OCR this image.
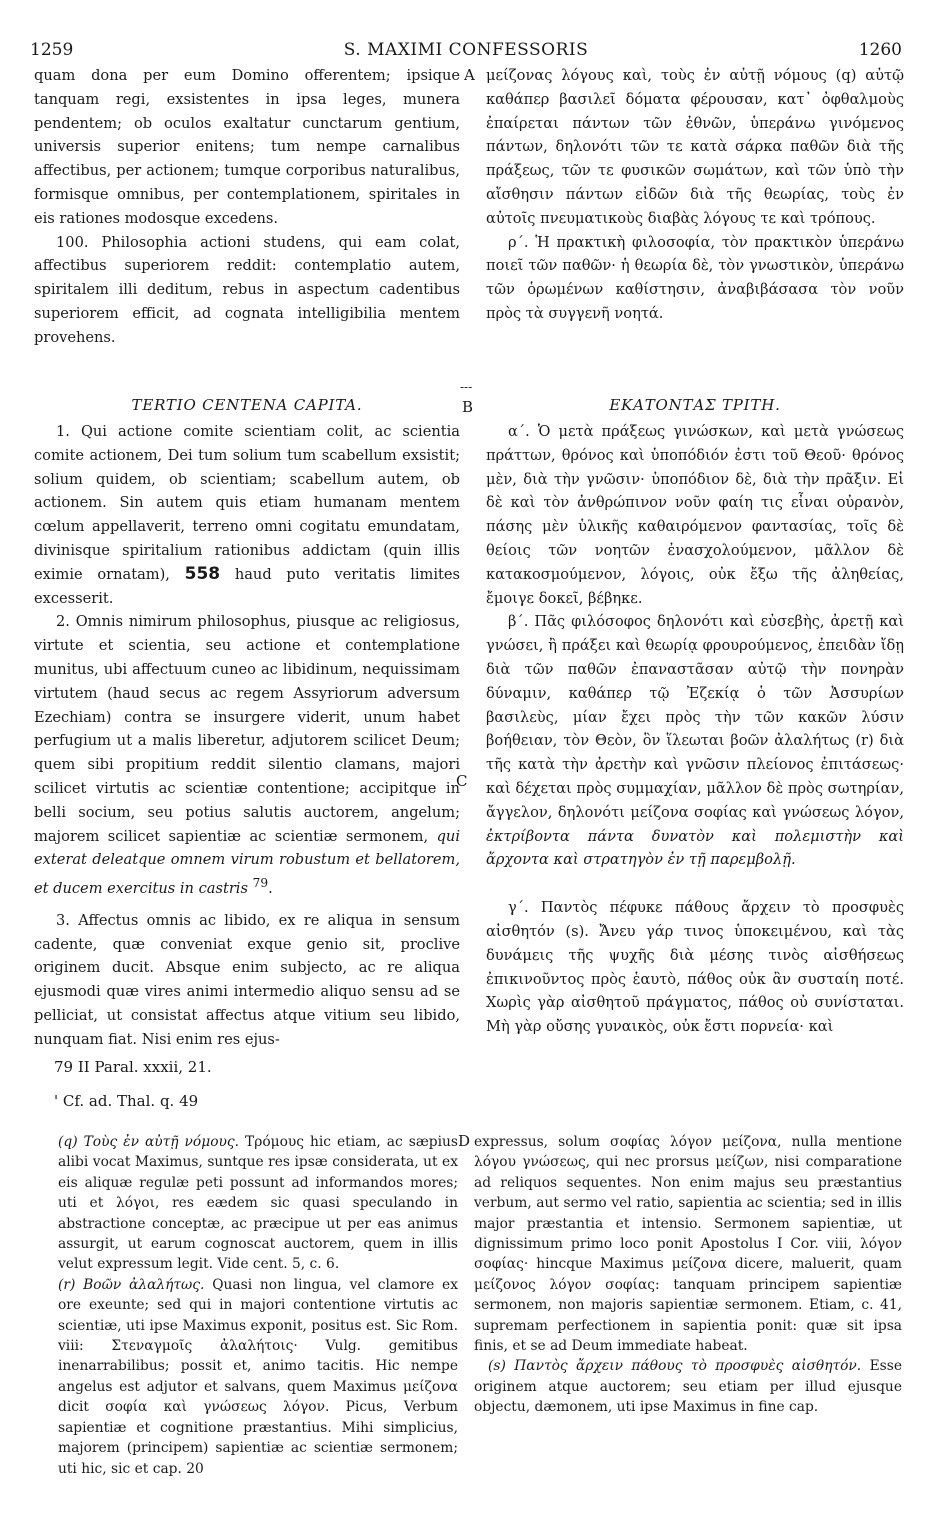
1259	S. MAXIMI CONFESSORIS	1260

quam dona per eum Domino offerentem; ipsique tanquam regi, exsistentes in ipsa leges, munera pendentem; ob oculos exaltatur cunctarum gentium, universis superior enitens; tum nempe carnalibus affectibus, per actionem; tumque corporibus naturalibus, formisque omnibus, per contemplationem, spiritales in eis rationes modosque excedens.

100. Philosophia actioni studens, qui eam colat, affectibus superiorem reddit: contemplatio autem, spiritalem illi deditum, rebus in aspectum cadentibus superiorem efficit, ad cognata intelligibilia mentem provehens.

A μείζονας λόγους καὶ, τοὺς ἐν αὐτῇ νόμους (q) αὐτῷ καθάπερ βασιλεῖ δόματα φέρουσαν, κατ᾽ ὀφθαλμοὺς ἐπαίρεται πάντων τῶν ἐθνῶν, ὑπεράνω γινόμενος πάντων, δηλονότι τῶν τε κατὰ σάρκα παθῶν διὰ τῆς πράξεως, τῶν τε φυσικῶν σωμάτων, καὶ τῶν ὑπὸ τὴν αἴσθησιν πάντων εἰδῶν διὰ τῆς θεωρίας, τοὺς ἐν αὐτοῖς πνευματικοὺς διαβὰς λόγους τε καὶ τρόπους.

ρ΄. Ἡ πρακτικὴ φιλοσοφία, τὸν πρακτικὸν ὑπεράνω ποιεῖ τῶν παθῶν· ἡ θεωρία δὲ, τὸν γνωστικὸν, ὑπεράνω τῶν ὁρωμένων καθίστησιν, ἀναβιβάσασα τὸν νοῦν πρὸς τὰ συγγενῆ νοητά.

---
TERTIO CENTENA CAPITA.	B	ΕΚΑΤΟΝΤΑΣ ΤΡΙΤΗ.

1. Qui actione comite scientiam colit, ac scientia comite actionem, Dei tum solium tum scabellum exsistit; solium quidem, ob scientiam; scabellum autem, ob actionem. Sin autem quis etiam humanam mentem cœlum appellaverit, terreno omni cogitatu emundatam, divinisque spiritalium rationibus addictam (quin illis eximie ornatam), 558 haud puto veritatis limites excesserit.

2. Omnis nimirum philosophus, piusque ac religiosus, virtute et scientia, seu actione et contemplatione munitus, ubi affectuum cuneo ac libidinum, nequissimam virtutem (haud secus ac regem Assyriorum adversum Ezechiam) contra se insurgere viderit, unum habet perfugium ut a malis liberetur, adjutorem scilicet Deum; quem sibi propitium reddit silentio clamans, majori scilicet virtutis ac scientiæ contentione; accipitque in belli socium, seu potius salutis auctorem, angelum; majorem scilicet sapientiæ ac scientiæ sermonem, qui exterat deleatque omnem virum robustum et bellatorem, et ducem exercitus in castris $^{79}$.

3. Affectus omnis ac libido, ex re aliqua in sensum cadente, quæ conveniat exque genio sit, proclive originem ducit. Absque enim subjecto, ac re aliqua ejusmodi quæ vires animi intermedio aliquo sensu ad se pelliciat, ut consistat affectus atque vitium seu libido, nunquam fiat. Nisi enim res ejus-

C

α΄. Ὁ μετὰ πράξεως γινώσκων, καὶ μετὰ γνώσεως πράττων, θρόνος καὶ ὑποπόδιόν ἐστι τοῦ Θεοῦ· θρόνος μὲν, διὰ τὴν γνῶσιν· ὑποπόδιον δὲ, διὰ τὴν πρᾶξιν. Εἰ δὲ καὶ τὸν ἀνθρώπινον νοῦν φαίη τις εἶναι οὐρανὸν, πάσης μὲν ὑλικῆς καθαιρόμενον φαντασίας, τοῖς δὲ θείοις τῶν νοητῶν ἐνασχολούμενον, μᾶλλον δὲ κατακοσμούμενον, λόγοις, οὐκ ἔξω τῆς ἀληθείας, ἔμοιγε δοκεῖ, βέβηκε.

β΄. Πᾶς φιλόσοφος δηλονότι καὶ εὐσεβὴς, ἀρετῇ καὶ γνώσει, ἢ πράξει καὶ θεωρίᾳ φρουρούμενος, ἐπειδὰν ἴδῃ διὰ τῶν παθῶν ἐπαναστᾶσαν αὐτῷ τὴν πονηρὰν δύναμιν, καθάπερ τῷ Ἐζεκίᾳ ὁ τῶν Ἀσσυρίων βασιλεὺς, μίαν ἔχει πρὸς τὴν τῶν κακῶν λύσιν βοήθειαν, τὸν Θεὸν, ὃν ἵλεωται βοῶν ἀλαλήτως (r) διὰ τῆς κατὰ τὴν ἀρετὴν καὶ γνῶσιν πλείονος ἐπιτάσεως· καὶ δέχεται πρὸς συμμαχίαν, μᾶλλον δὲ πρὸς σωτηρίαν, ἄγγελον, δηλονότι μείζονα σοφίας καὶ γνώσεως λόγον, ἐκτρίβοντα πάντα δυνατὸν καὶ πολεμιστὴν καὶ ἄρχοντα καὶ στρατηγὸν ἐν τῇ παρεμβολῇ.

γ΄. Παντὸς πέφυκε πάθους ἄρχειν τὸ προσφυὲς αἰσθητόν (s). Ἄνευ γάρ τινος ὑποκειμένου, καὶ τὰς δυνάμεις τῆς ψυχῆς διὰ μέσης τινὸς αἰσθήσεως ἐπικινοῦντος πρὸς ἑαυτὸ, πάθος οὐκ ἂν συσταίη ποτέ. Χωρὶς γὰρ αἰσθητοῦ πράγματος, πάθος οὐ συνίσταται. Μὴ γὰρ οὔσης γυναικὸς, οὐκ ἔστι πορνεία· καὶ

79 II Paral. xxxii, 21.
' Cf. ad. Thal. q. 49

(q) Τοὺς ἐν αὐτῇ νόμους. Τρόμους hic etiam, ac sæpius alibi vocat Maximus, suntque res ipsæ considerata, ut ex eis aliquæ regulæ peti possunt ad informandos mores; uti et λόγοι, res eædem sic quasi speculando in abstractione conceptæ, ac præcipue ut per eas animus assurgit, ut earum cognoscat auctorem, quem in illis velut expressum legit. Vide cent. 5, c. 6.

(r) Βοῶν ἀλαλήτως. Quasi non lingua, vel clamore ex ore exeunte; sed qui in majori contentione virtutis ac scientiæ, uti ipse Maximus exponit, positus est. Sic Rom. viii: Στεναγμοῖς ἀλαλήτοις· Vulg. gemitibus inenarrabilibus; possit et, animo tacitis. Hic nempe angelus est adjutor et salvans, quem Maximus μείζονα dicit σοφία καὶ γνώσεως λόγον. Picus, Verbum sapientiæ et cognitione præstantius. Mihi simplicius, majorem (principem) sapientiæ ac scientiæ sermonem; uti hic, sic et cap. 20

D expressus, solum σοφίας λόγον μείζονα, nulla mentione λόγου γνώσεως, qui nec prorsus μείζων, nisi comparatione ad reliquos sequentes. Non enim majus seu præstantius verbum, aut sermo vel ratio, sapientia ac scientia; sed in illis major præstantia et intensio. Sermonem sapientiæ, ut dignissimum primo loco ponit Apostolus I Cor. viii, λόγον σοφίας· hincque Maximus μείζονα dicere, maluerit, quam μείζονος λόγον σοφίας: tanquam principem sapientiæ sermonem, non majoris sapientiæ sermonem. Etiam, c. 41, supremam perfectionem in sapientia ponit: quæ sit ipsa finis, et se ad Deum immediate habeat.

(s) Παντὸς ἄρχειν πάθους τὸ προσφυὲς αἰσθητόν. Esse originem atque auctorem; seu etiam per illud ejusque objectu, dæmonem, uti ipse Maximus in fine cap.
